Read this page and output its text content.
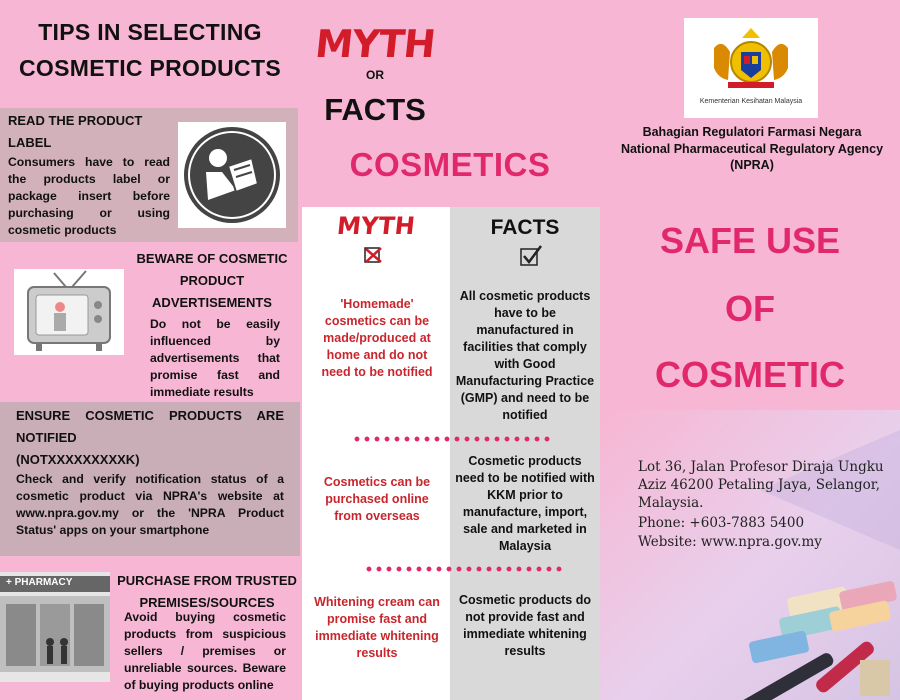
TIPS IN SELECTING
COSMETIC PRODUCTS
READ THE PRODUCT LABEL
Consumers have to read the products label or package insert before purchasing or using cosmetic products
BEWARE OF COSMETIC
PRODUCT
ADVERTISEMENTS
Do not be easily influenced by advertisements that promise fast and immediate results
ENSURE COSMETIC PRODUCTS ARE NOTIFIED
(NOTXXXXXXXXXK)
Check and verify notification status of a cosmetic product via NPRA's website at www.npra.gov.my or the 'NPRA Product Status' apps on your smartphone
+ PHARMACY	PURCHASE FROM TRUSTED
PREMISES/SOURCES
Avoid buying cosmetic products from suspicious sellers / premises or unreliable sources. Beware of buying products online
MYTH
OR
FACTS
COSMETICS
MYTH	FACTS
'Homemade' cosmetics can be made/produced at home and do not need to be notified
All cosmetic products have to be manufactured in facilities that comply with Good Manufacturing Practice (GMP) and need to be notified
Cosmetics can be purchased online from overseas
Cosmetic products need to be notified with KKM prior to manufacture, import, sale and marketed in Malaysia
Whitening cream can promise fast and immediate whitening results
Cosmetic products do not provide fast and immediate whitening results
Kementerian Kesihatan Malaysia
Bahagian Regulatori Farmasi Negara
National Pharmaceutical Regulatory Agency
(NPRA)
SAFE USE
OF
COSMETIC
Lot 36, Jalan Profesor Diraja Ungku Aziz 46200 Petaling Jaya, Selangor, Malaysia.
Phone: +603-7883 5400
Website: www.npra.gov.my
